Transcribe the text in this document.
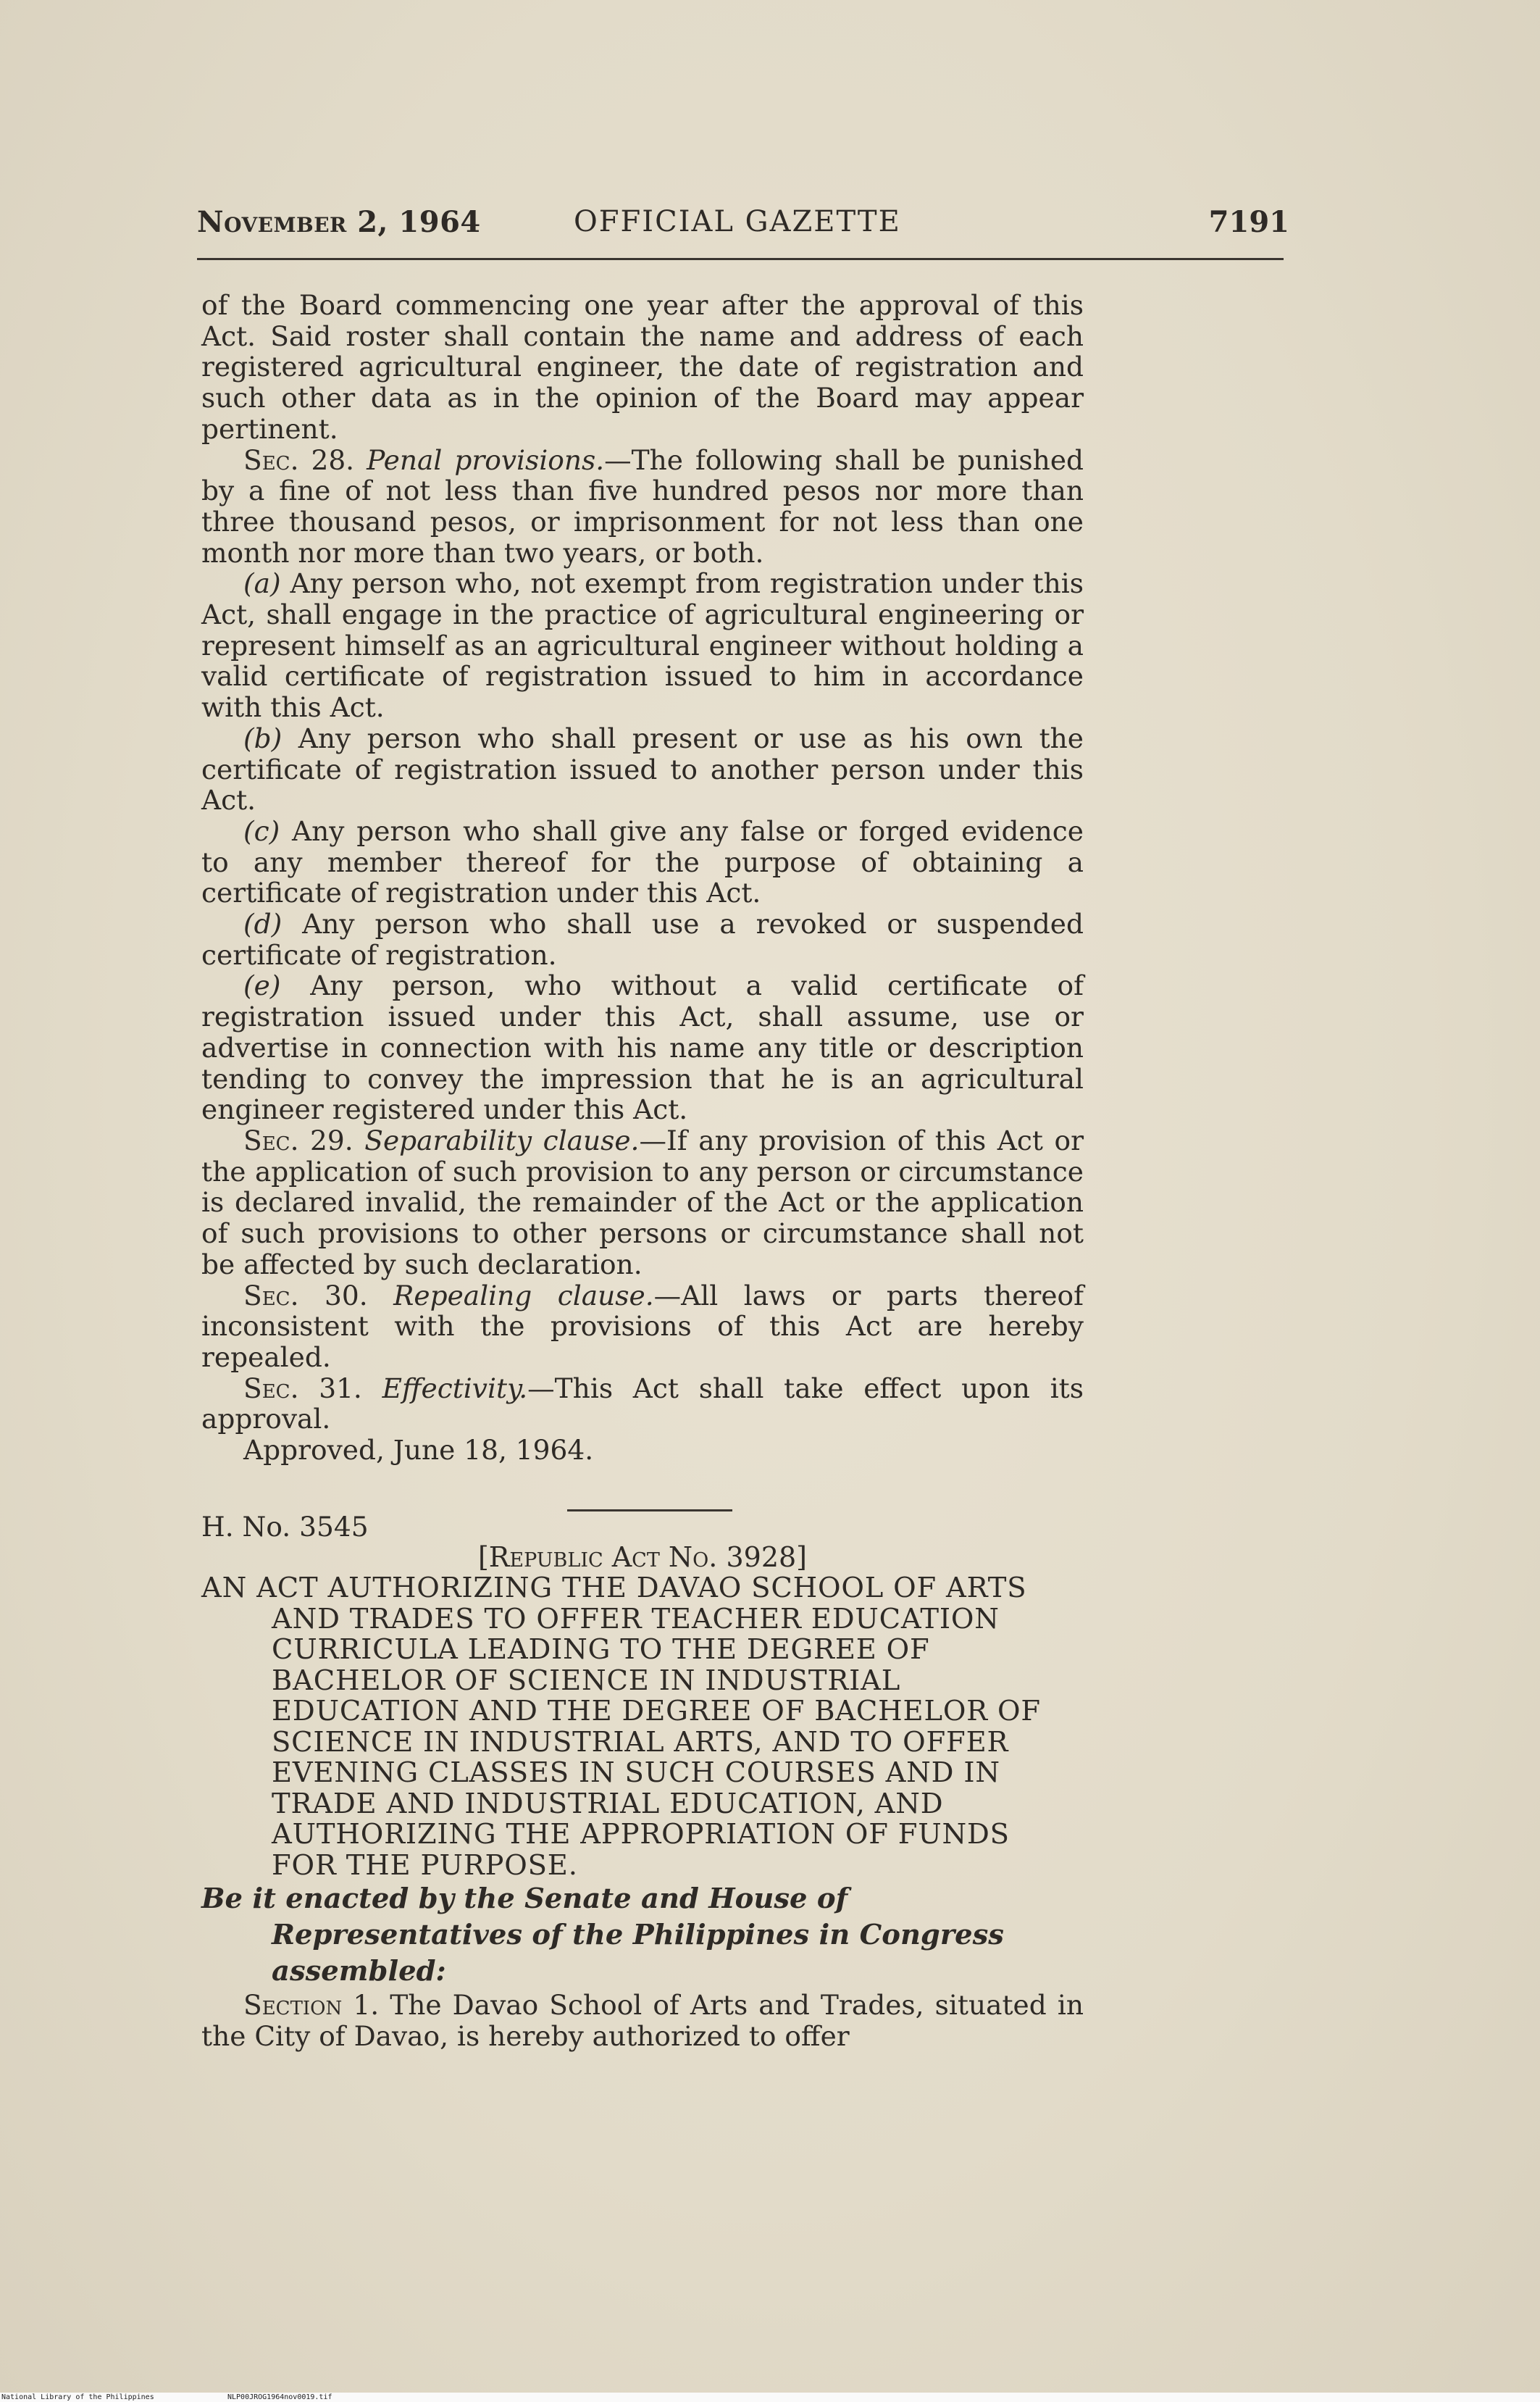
November 2, 1964	OFFICIAL GAZETTE	7191

of the Board commencing one year after the approval of this Act. Said roster shall contain the name and address of each registered agricultural engineer, the date of registration and such other data as in the opinion of the Board may appear pertinent.

Sec. 28. Penal provisions.—The following shall be punished by a fine of not less than five hundred pesos nor more than three thousand pesos, or imprisonment for not less than one month nor more than two years, or both.

(a) Any person who, not exempt from registration under this Act, shall engage in the practice of agricultural engineering or represent himself as an agricultural engineer without holding a valid certificate of registration issued to him in accordance with this Act.

(b) Any person who shall present or use as his own the certificate of registration issued to another person under this Act.

(c) Any person who shall give any false or forged evidence to any member thereof for the purpose of obtaining a certificate of registration under this Act.

(d) Any person who shall use a revoked or suspended certificate of registration.

(e) Any person, who without a valid certificate of registration issued under this Act, shall assume, use or advertise in connection with his name any title or description tending to convey the impression that he is an agricultural engineer registered under this Act.

Sec. 29. Separability clause.—If any provision of this Act or the application of such provision to any person or circumstance is declared invalid, the remainder of the Act or the application of such provisions to other persons or circumstance shall not be affected by such declaration.

Sec. 30. Repealing clause.—All laws or parts thereof inconsistent with the provisions of this Act are hereby repealed.

Sec. 31. Effectivity.—This Act shall take effect upon its approval.

Approved, June 18, 1964.

H. No. 3545

[Republic Act No. 3928]

AN ACT AUTHORIZING THE DAVAO SCHOOL OF ARTS AND TRADES TO OFFER TEACHER EDUCATION CURRICULA LEADING TO THE DEGREE OF BACHELOR OF SCIENCE IN INDUSTRIAL EDUCATION AND THE DEGREE OF BACHELOR OF SCIENCE IN INDUSTRIAL ARTS, AND TO OFFER EVENING CLASSES IN SUCH COURSES AND IN TRADE AND INDUSTRIAL EDUCATION, AND AUTHORIZING THE APPROPRIATION OF FUNDS FOR THE PURPOSE.

Be it enacted by the Senate and House of Representatives of the Philippines in Congress assembled:

Section 1. The Davao School of Arts and Trades, situated in the City of Davao, is hereby authorized to offer

National Library of the Philippines	NLP00JROG1964nov0019.tif
